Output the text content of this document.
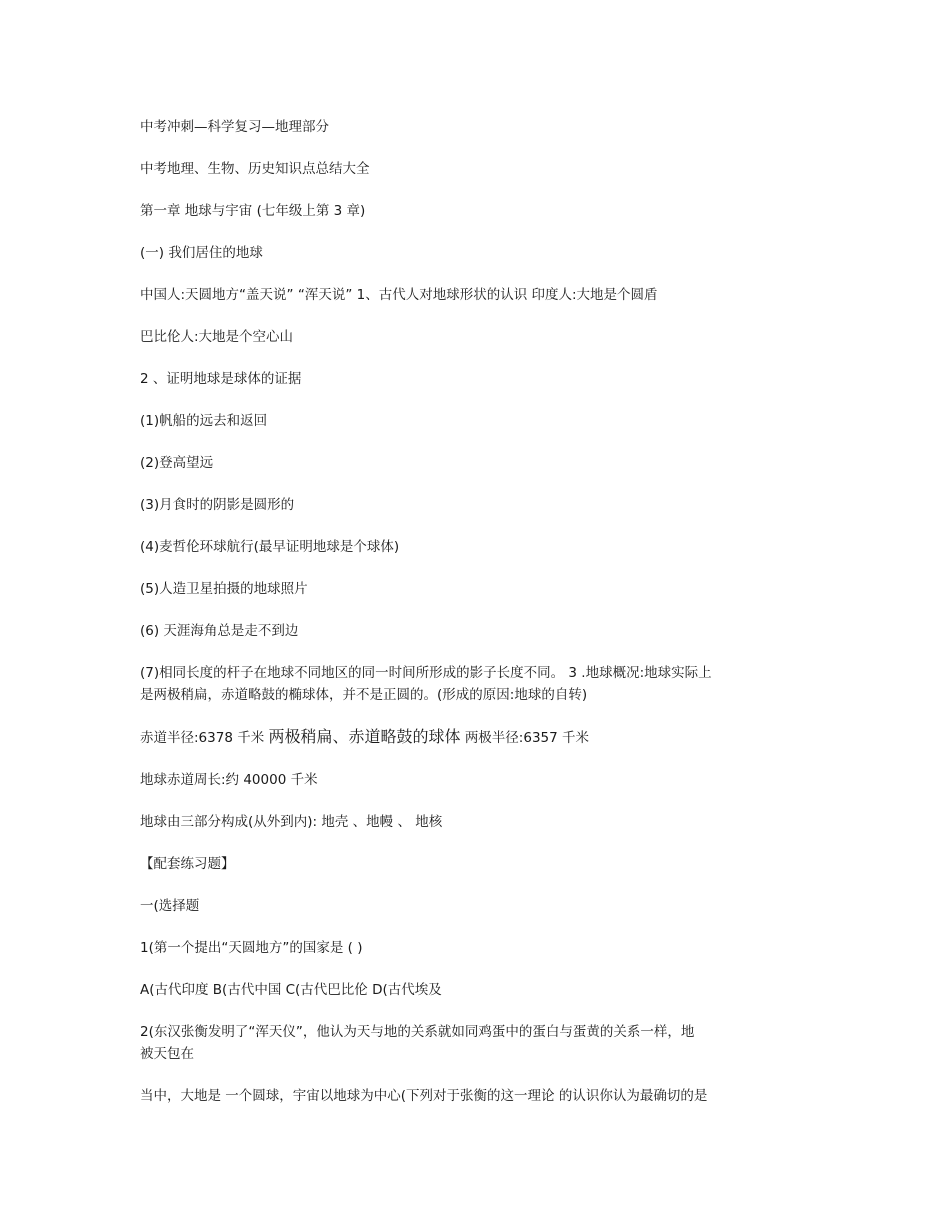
中考冲刺—科学复习—地理部分

中考地理、生物、历史知识点总结大全

第一章 地球与宇宙 (七年级上第 3 章)

(一) 我们居住的地球

中国人:天圆地方“盖天说” “浑天说” 1、古代人对地球形状的认识 印度人:大地是个圆盾

巴比伦人:大地是个空心山

2 、证明地球是球体的证据

(1)帆船的远去和返回

(2)登高望远

(3)月食时的阴影是圆形的

(4)麦哲伦环球航行(最早证明地球是个球体)

(5)人造卫星拍摄的地球照片

(6) 天涯海角总是走不到边

(7)相同长度的杆子在地球不同地区的同一时间所形成的影子长度不同。 3 .地球概况:地球实际上
是两极稍扁，赤道略鼓的椭球体，并不是正圆的。(形成的原因:地球的自转)

赤道半径:6378 千米 两极稍扁、赤道略鼓的球体 两极半径:6357 千米

地球赤道周长:约 40000 千米

地球由三部分构成(从外到内): 地壳 、地幔 、 地核

【配套练习题】

一(选择题

1(第一个提出“天圆地方”的国家是 ( )

A(古代印度 B(古代中国 C(古代巴比伦 D(古代埃及

2(东汉张衡发明了“浑天仪”，他认为天与地的关系就如同鸡蛋中的蛋白与蛋黄的关系一样，地
被天包在

当中，大地是 一个圆球，宇宙以地球为中心(下列对于张衡的这一理论 的认识你认为最确切的是
